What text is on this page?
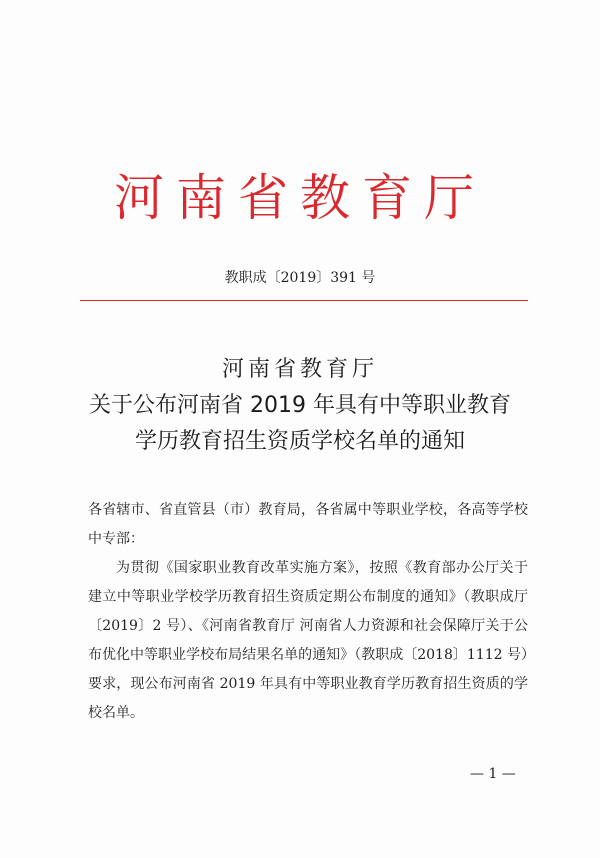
河南省教育厅
教职成〔2019〕391 号
河南省教育厅
关于公布河南省 2019 年具有中等职业教育
学历教育招生资质学校名单的通知

各省辖市、省直管县（市）教育局，各省属中等职业学校，各高等学校中专部：

为贯彻《国家职业教育改革实施方案》，按照《教育部办公厅关于建立中等职业学校学历教育招生资质定期公布制度的通知》（教职成厅〔2019〕2 号）、《河南省教育厅 河南省人力资源和社会保障厅关于公布优化中等职业学校布局结果名单的通知》（教职成〔2018〕1112 号）要求，现公布河南省 2019 年具有中等职业教育学历教育招生资质的学校名单。

— 1 —
